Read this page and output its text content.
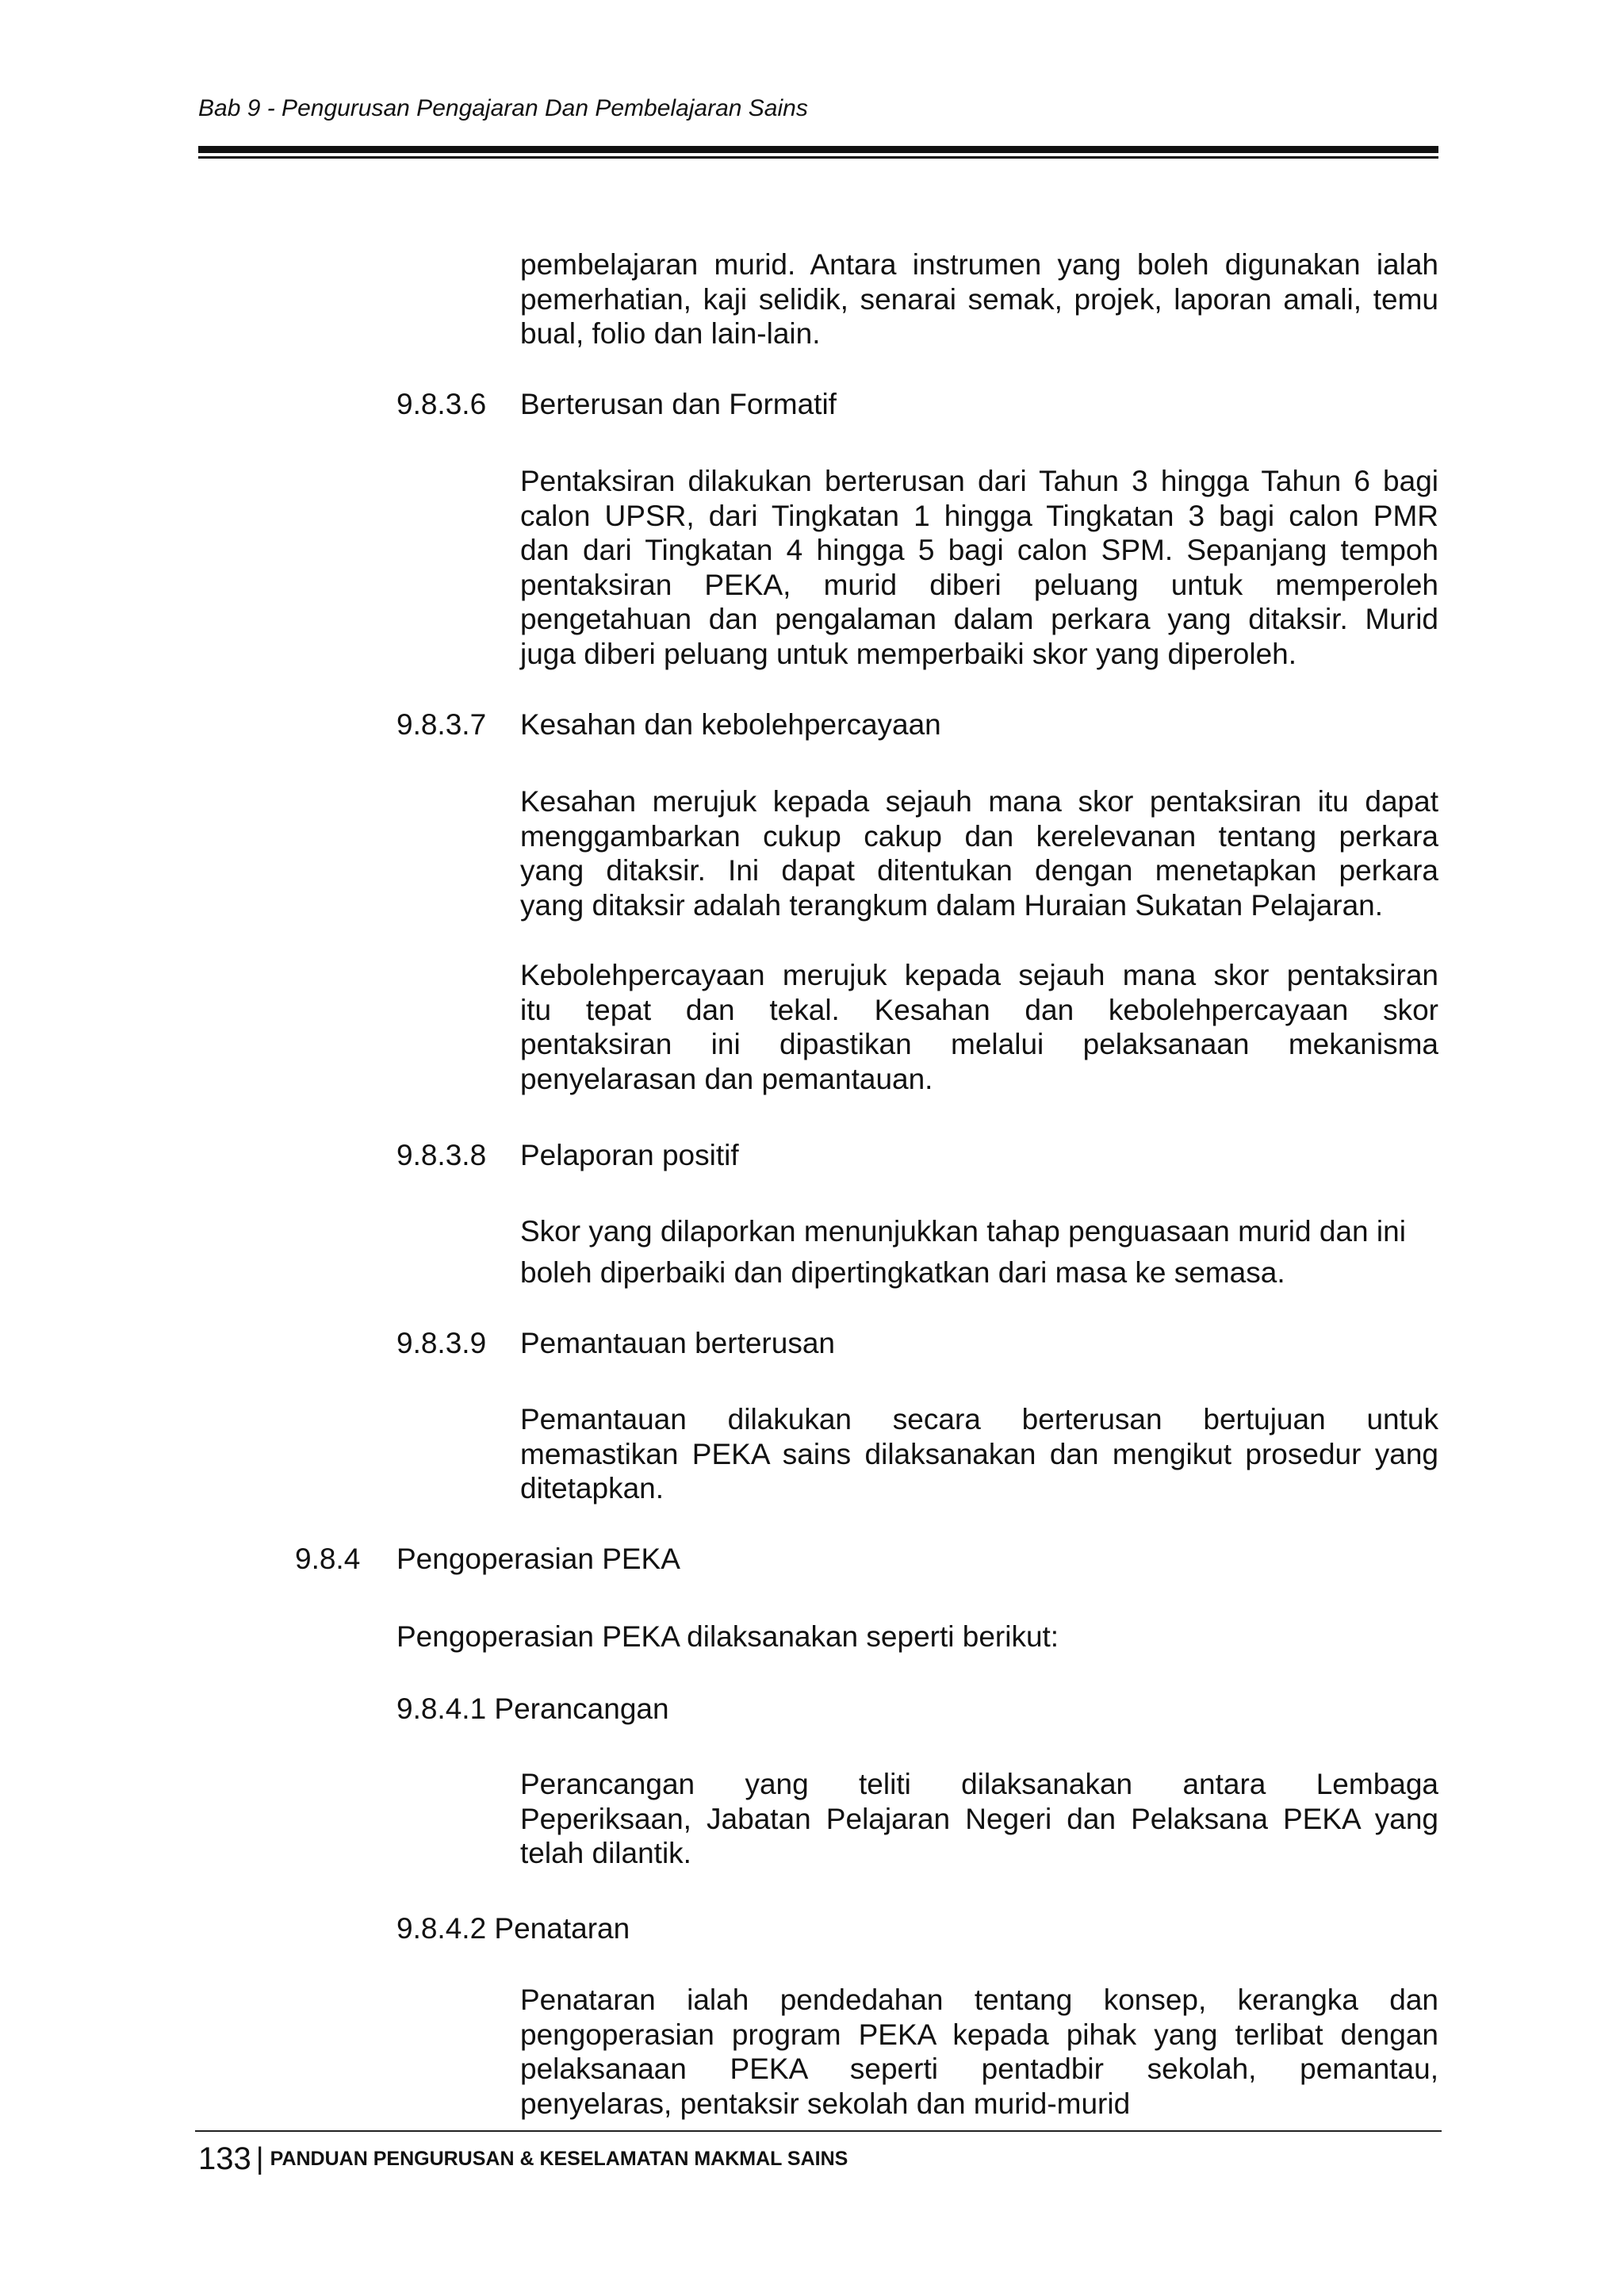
Bab 9 - Pengurusan Pengajaran Dan Pembelajaran Sains
pembelajaran murid. Antara instrumen yang boleh digunakan ialah
pemerhatian, kaji selidik, senarai semak, projek, laporan amali, temu
bual, folio dan lain-lain.
9.8.3.6 Berterusan dan Formatif
Pentaksiran dilakukan berterusan dari Tahun 3 hingga Tahun 6 bagi
calon UPSR, dari Tingkatan 1 hingga Tingkatan 3 bagi calon PMR
dan dari Tingkatan 4 hingga 5 bagi calon SPM. Sepanjang tempoh
pentaksiran PEKA, murid diberi peluang untuk memperoleh
pengetahuan dan pengalaman dalam perkara yang ditaksir. Murid
juga diberi peluang untuk memperbaiki skor yang diperoleh.
9.8.3.7 Kesahan dan kebolehpercayaan
Kesahan merujuk kepada sejauh mana skor pentaksiran itu dapat
menggambarkan cukup cakup dan kerelevanan tentang perkara
yang ditaksir. Ini dapat ditentukan dengan menetapkan perkara
yang ditaksir adalah terangkum dalam Huraian Sukatan Pelajaran.
Kebolehpercayaan merujuk kepada sejauh mana skor pentaksiran
itu tepat dan tekal. Kesahan dan kebolehpercayaan skor
pentaksiran ini dipastikan melalui pelaksanaan mekanisma
penyelarasan dan pemantauan.
9.8.3.8 Pelaporan positif
Skor yang dilaporkan menunjukkan tahap penguasaan murid dan ini
boleh diperbaiki dan dipertingkatkan dari masa ke semasa.
9.8.3.9 Pemantauan berterusan
Pemantauan dilakukan secara berterusan bertujuan untuk
memastikan PEKA sains dilaksanakan dan mengikut prosedur yang
ditetapkan.
9.8.4 Pengoperasian PEKA
Pengoperasian PEKA dilaksanakan seperti berikut:
9.8.4.1 Perancangan
Perancangan yang teliti dilaksanakan antara Lembaga
Peperiksaan, Jabatan Pelajaran Negeri dan Pelaksana PEKA yang
telah dilantik.
9.8.4.2 Penataran
Penataran ialah pendedahan tentang konsep, kerangka dan
pengoperasian program PEKA kepada pihak yang terlibat dengan
pelaksanaan PEKA seperti pentadbir sekolah, pemantau,
penyelaras, pentaksir sekolah dan murid-murid
133 | PANDUAN PENGURUSAN & KESELAMATAN MAKMAL SAINS
